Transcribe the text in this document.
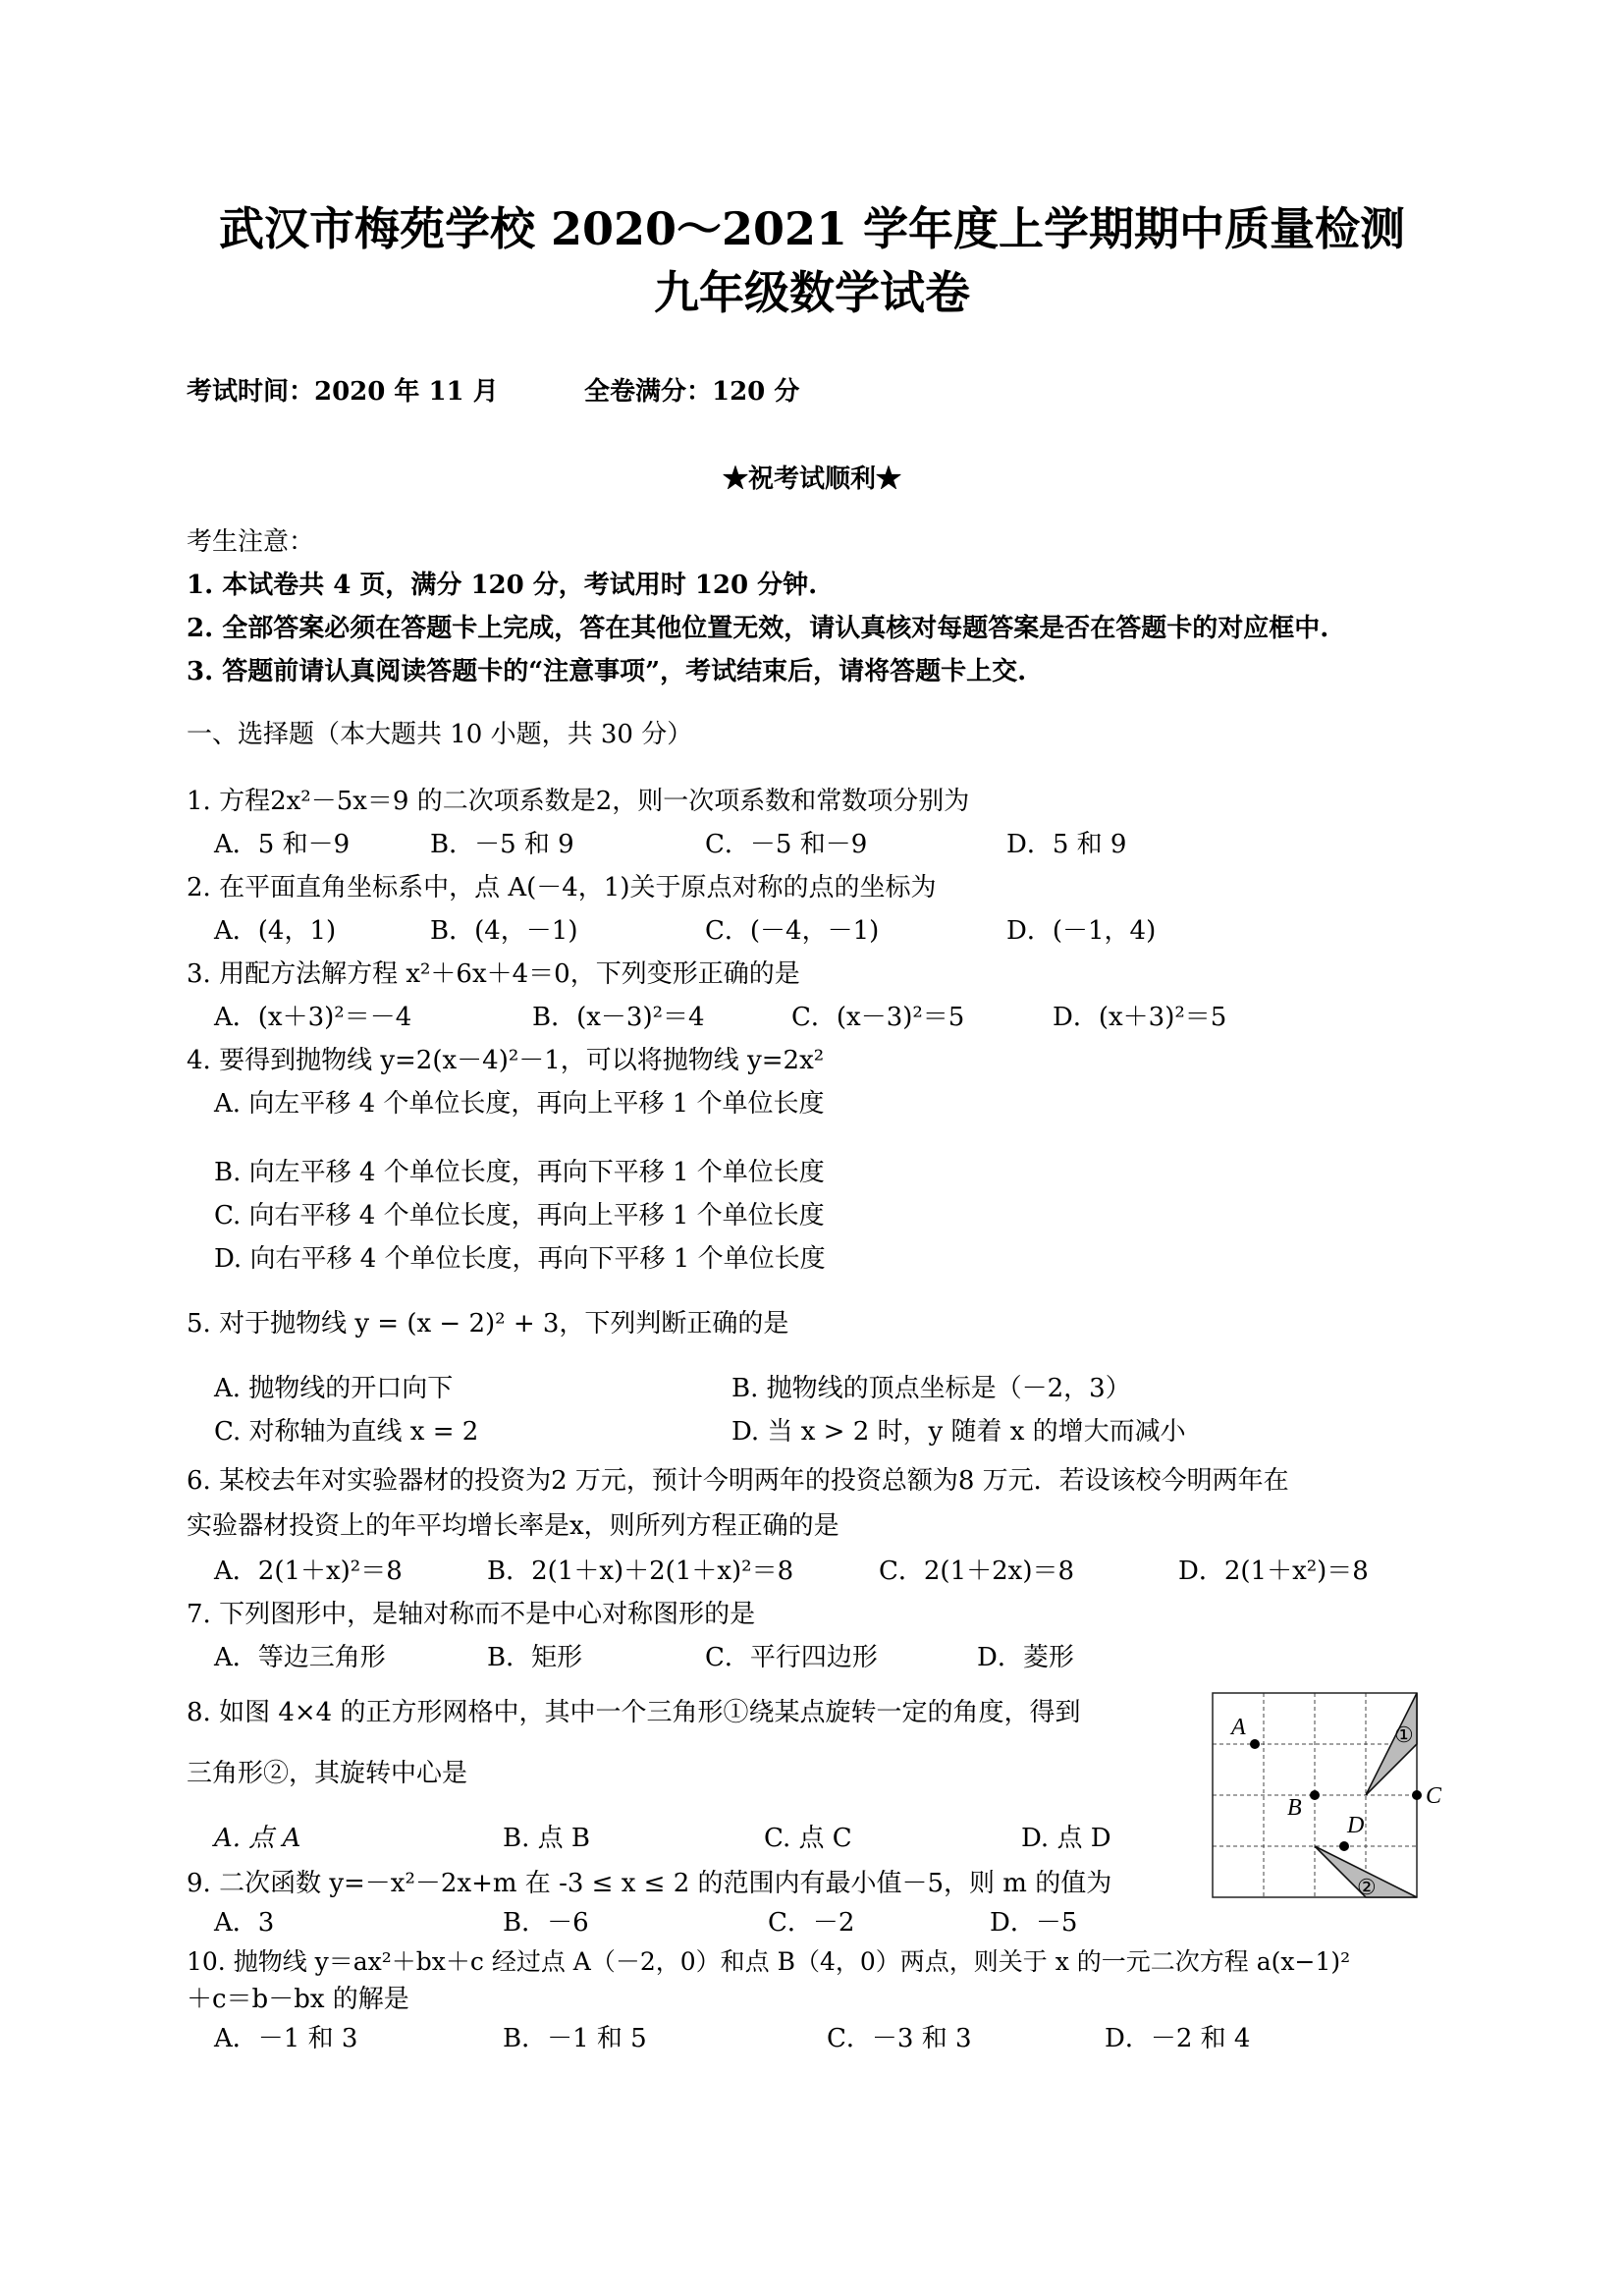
武汉市梅苑学校 2020～2021 学年度上学期期中质量检测
九年级数学试卷
考试时间：2020 年 11 月	全卷满分：120 分
★祝考试顺利★
考生注意：
1. 本试卷共 4 页，满分 120 分，考试用时 120 分钟.
2. 全部答案必须在答题卡上完成，答在其他位置无效，请认真核对每题答案是否在答题卡的对应框中.
3. 答题前请认真阅读答题卡的“注意事项”，考试结束后，请将答题卡上交.
一、选择题（本大题共 10 小题，共 30 分）
1. 方程2x²－5x＝9 的二次项系数是2，则一次项系数和常数项分别为
A．5 和－9	B．－5 和 9	C．－5 和－9	D．5 和 9
2. 在平面直角坐标系中，点 A(－4，1)关于原点对称的点的坐标为
A．(4，1)	B．(4，－1)	C．(－4，－1)	D．(－1，4)
3. 用配方法解方程 x²＋6x＋4＝0，下列变形正确的是
A．(x＋3)²＝－4	B．(x－3)²＝4	C．(x－3)²＝5	D．(x＋3)²＝5
4. 要得到抛物线 y=2(x－4)²－1，可以将抛物线 y=2x²
A. 向左平移 4 个单位长度，再向上平移 1 个单位长度
B. 向左平移 4 个单位长度，再向下平移 1 个单位长度
C. 向右平移 4 个单位长度，再向上平移 1 个单位长度
D. 向右平移 4 个单位长度，再向下平移 1 个单位长度
5. 对于抛物线 y = (x − 2)² + 3，下列判断正确的是
A. 抛物线的开口向下	B. 抛物线的顶点坐标是（－2，3）
C. 对称轴为直线 x = 2	D. 当 x > 2 时，y 随着 x 的增大而减小
6. 某校去年对实验器材的投资为2 万元，预计今明两年的投资总额为8 万元．若设该校今明两年在
实验器材投资上的年平均增长率是x，则所列方程正确的是
A．2(1＋x)²＝8	B．2(1＋x)＋2(1＋x)²＝8	C．2(1＋2x)＝8	D．2(1＋x²)＝8
7. 下列图形中，是轴对称而不是中心对称图形的是
A．等边三角形	B．矩形	C．平行四边形	D．菱形
8. 如图 4×4 的正方形网格中，其中一个三角形①绕某点旋转一定的角度，得到
三角形②，其旋转中心是
A. 点 A	B. 点 B	C. 点 C	D. 点 D
A
B	C
D
①
②
9. 二次函数 y=－x²－2x+m 在 -3 ≤ x ≤ 2 的范围内有最小值－5，则 m 的值为
A．3	B．－6	C．－2	D．－5
10. 抛物线 y＝ax²＋bx＋c 经过点 A（－2，0）和点 B（4，0）两点，则关于 x 的一元二次方程 a(x−1)²
＋c＝b－bx 的解是
A．－1 和 3	B．－1 和 5	C．－3 和 3	D．－2 和 4
